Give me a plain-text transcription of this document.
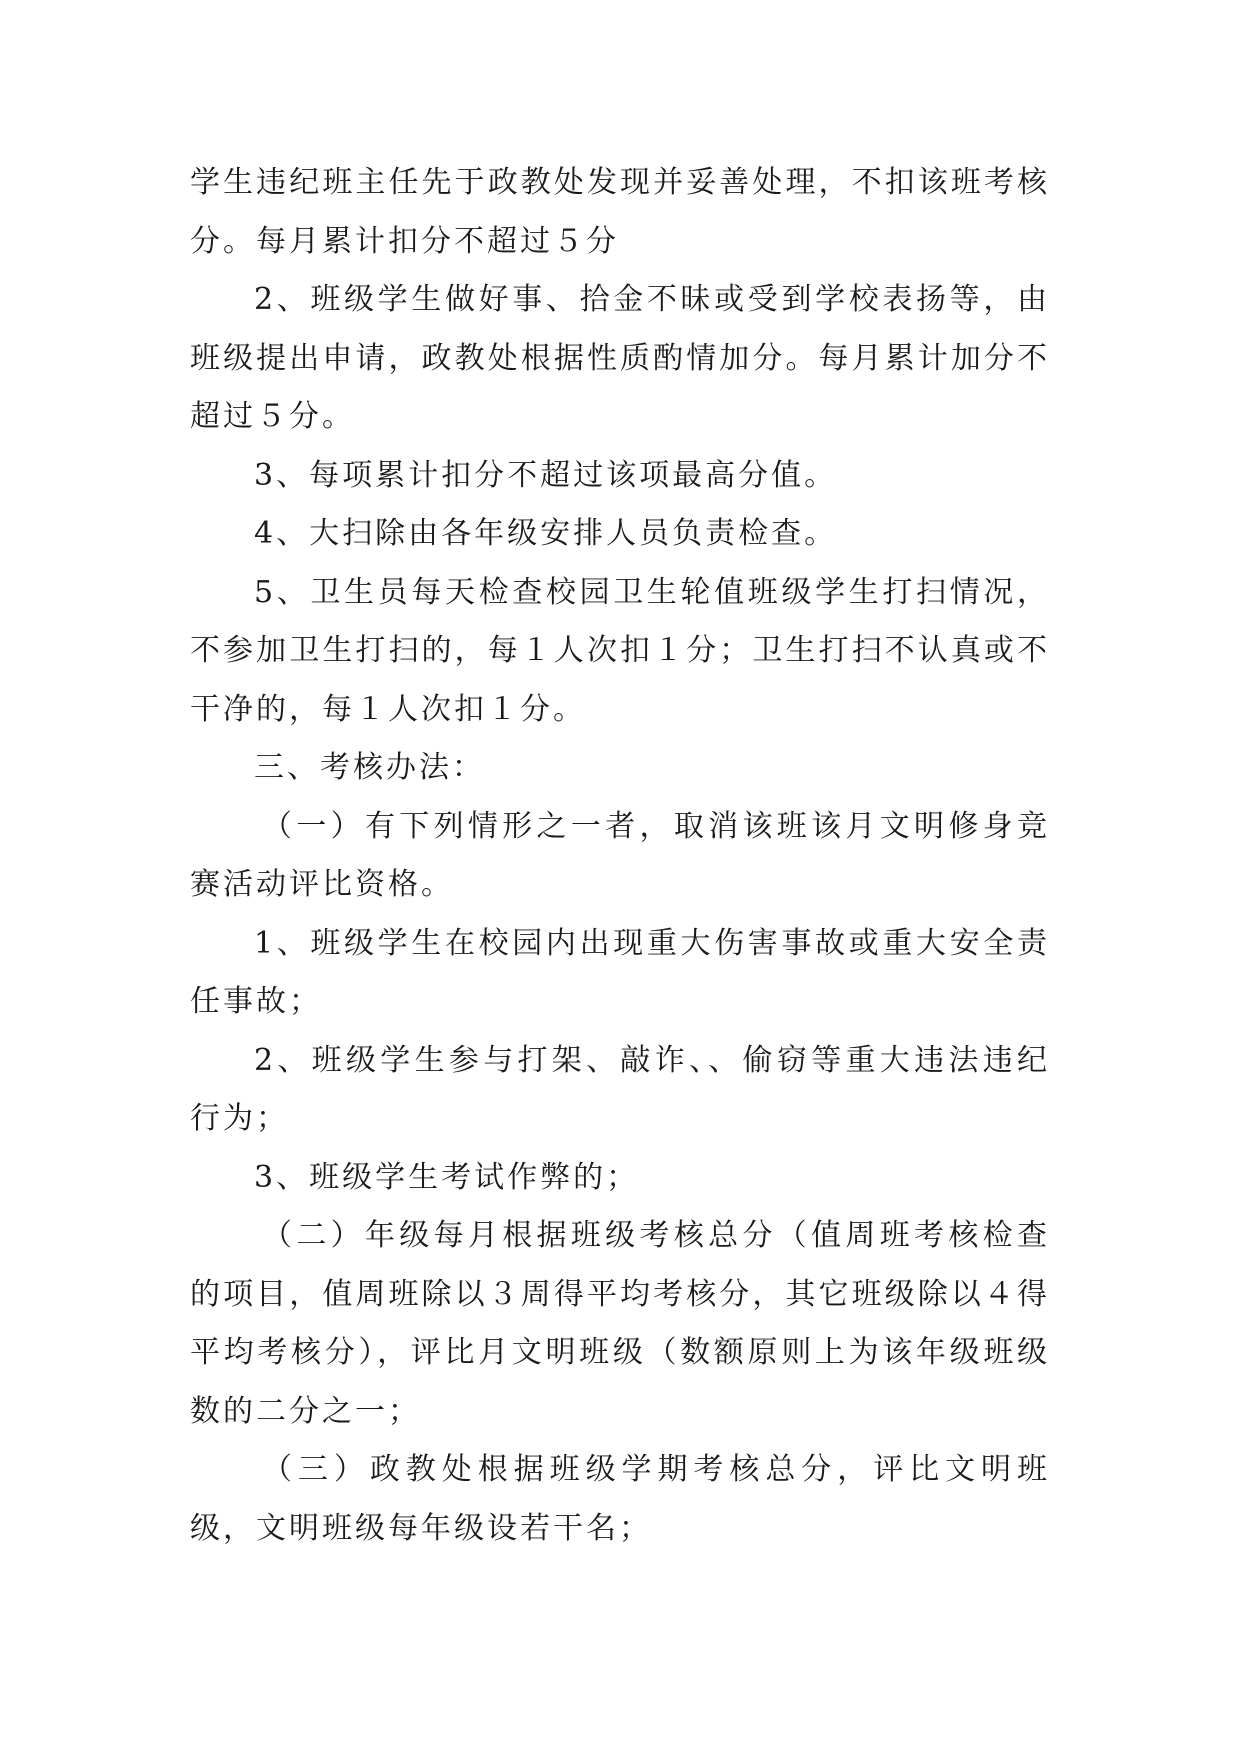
学生违纪班主任先于政教处发现并妥善处理，不扣该班考核分。每月累计扣分不超过５分

2、班级学生做好事、拾金不昧或受到学校表扬等，由班级提出申请，政教处根据性质酌情加分。每月累计加分不超过５分。

3、每项累计扣分不超过该项最高分值。

4、大扫除由各年级安排人员负责检查。

5、卫生员每天检查校园卫生轮值班级学生打扫情况，不参加卫生打扫的，每１人次扣１分；卫生打扫不认真或不干净的，每１人次扣１分。

三、考核办法：

（一）有下列情形之一者，取消该班该月文明修身竞赛活动评比资格。

1、班级学生在校园内出现重大伤害事故或重大安全责任事故；

2、班级学生参与打架、敲诈、、偷窃等重大违法违纪行为；

3、班级学生考试作弊的；

（二）年级每月根据班级考核总分（值周班考核检查的项目，值周班除以３周得平均考核分，其它班级除以４得平均考核分），评比月文明班级（数额原则上为该年级班级数的二分之一；

（三）政教处根据班级学期考核总分，评比文明班级，文明班级每年级设若干名；
